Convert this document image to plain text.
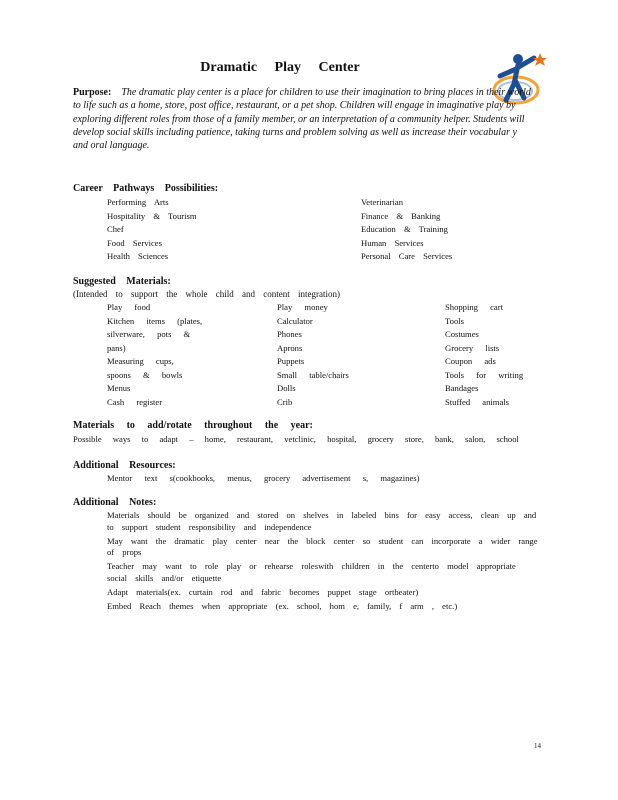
Dramatic Play Center
Purpose: The dramatic play center is a place for children to use their imagination to bring places in their world to life such as a home, store, post office, restaurant, or a pet shop. Children will engage in imaginative play by exploring different roles from those of a family member, or an interpretation of a community helper. Students will develop social skills including patience, taking turns and problem solving as well as increase their vocabular y and oral language.
Career Pathways Possibilities:
Performing Arts
Hospitality & Tourism
Chef
Food Services
Health Sciences
Veterinarian
Finance & Banking
Education & Training
Human Services
Personal Care Services
Suggested Materials:
(Intended to support the whole child and content integration)
Play food
Kitchen items (plates, silverware, pots & pans)
Measuring cups, spoons & bowls
Menus
Cash register
Play money
Calculator
Phones
Aprons
Puppets
Small table/chairs
Dolls
Crib
Shopping cart
Tools
Costumes
Grocery lists
Coupon ads
Tools for writing
Bandages
Stuffed animals
Materials to add/rotate throughout the year:
Possible ways to adapt – home, restaurant, vetclinic, hospital, grocery store, bank, salon, school
Additional Resources:
Mentor text s(cookbooks, menus, grocery advertisement s, magazines)
Additional Notes:
Materials should be organized and stored on shelves in labeled bins for easy access, clean up and to support student responsibility and independence
May want the dramatic play center near the block center so student can incorporate a wider range of props
Teacher may want to role play or rehearse roleswith children in the centerto model appropriate social skills and/or etiquette
Adapt materials(ex. curtain rod and fabric becomes puppet stage ortbeater)
Embed Reach themes when appropriate (ex. school, hom e, family, f arm , etc.)
14
